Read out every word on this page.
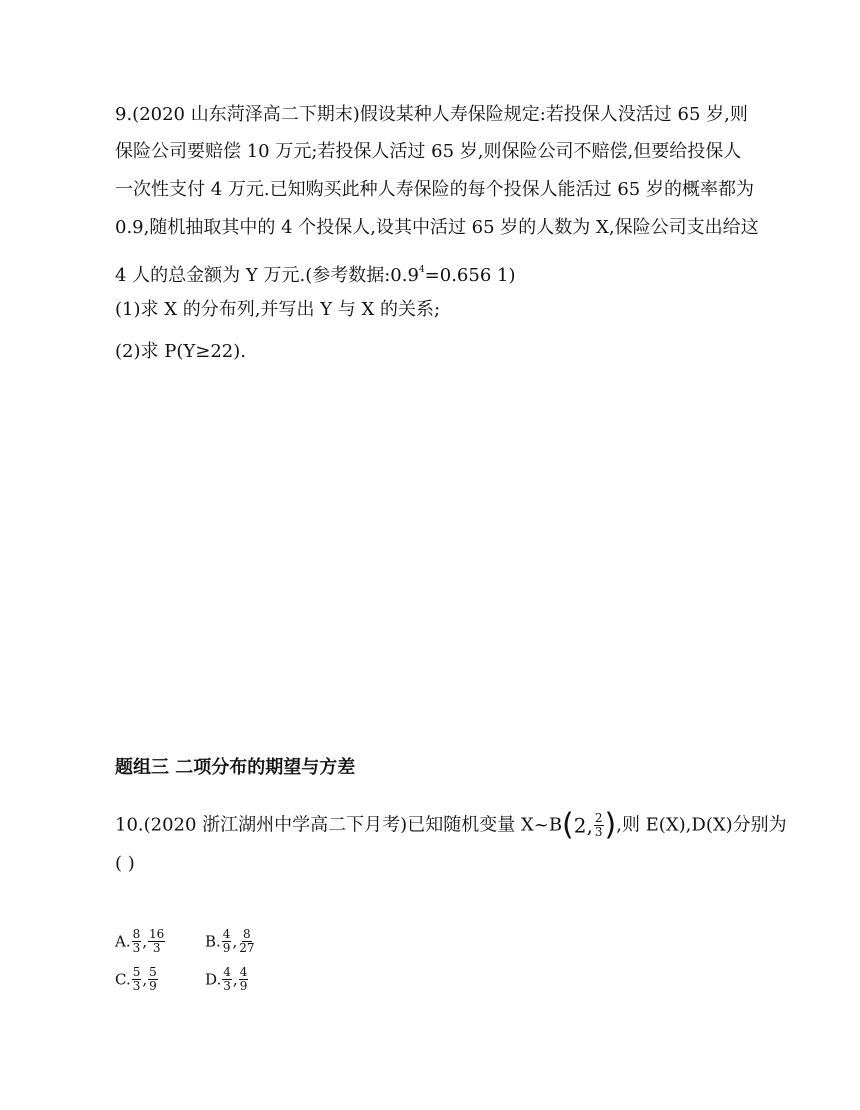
9.(2020 山东菏泽高二下期末)假设某种人寿保险规定:若投保人没活过 65 岁,则
保险公司要赔偿 10 万元;若投保人活过 65 岁,则保险公司不赔偿,但要给投保人
一次性支付 4 万元.已知购买此种人寿保险的每个投保人能活过 65 岁的概率都为
0.9,随机抽取其中的 4 个投保人,设其中活过 65 岁的人数为 X,保险公司支出给这
4 人的总金额为 Y 万元.(参考数据$:0.9^4=0.656$ 1)
(1)求 X 的分布列,并写出 Y 与 X 的关系;
(2)求 P(Y≥22).
题组三 二项分布的期望与方差
10.(2020 浙江湖州中学高二下月考)已知随机变量 X~B(2, $\frac{2}{3}$ ),则 E(X),D(X)分别为
( )
A. $\frac{8}{3}$ , $\frac{16}{3}$	B. $\frac{4}{9}$ , $\frac{8}{27}$
C. $\frac{5}{3}$ , $\frac{5}{9}$	D. $\frac{4}{3}$ , $\frac{4}{9}$
